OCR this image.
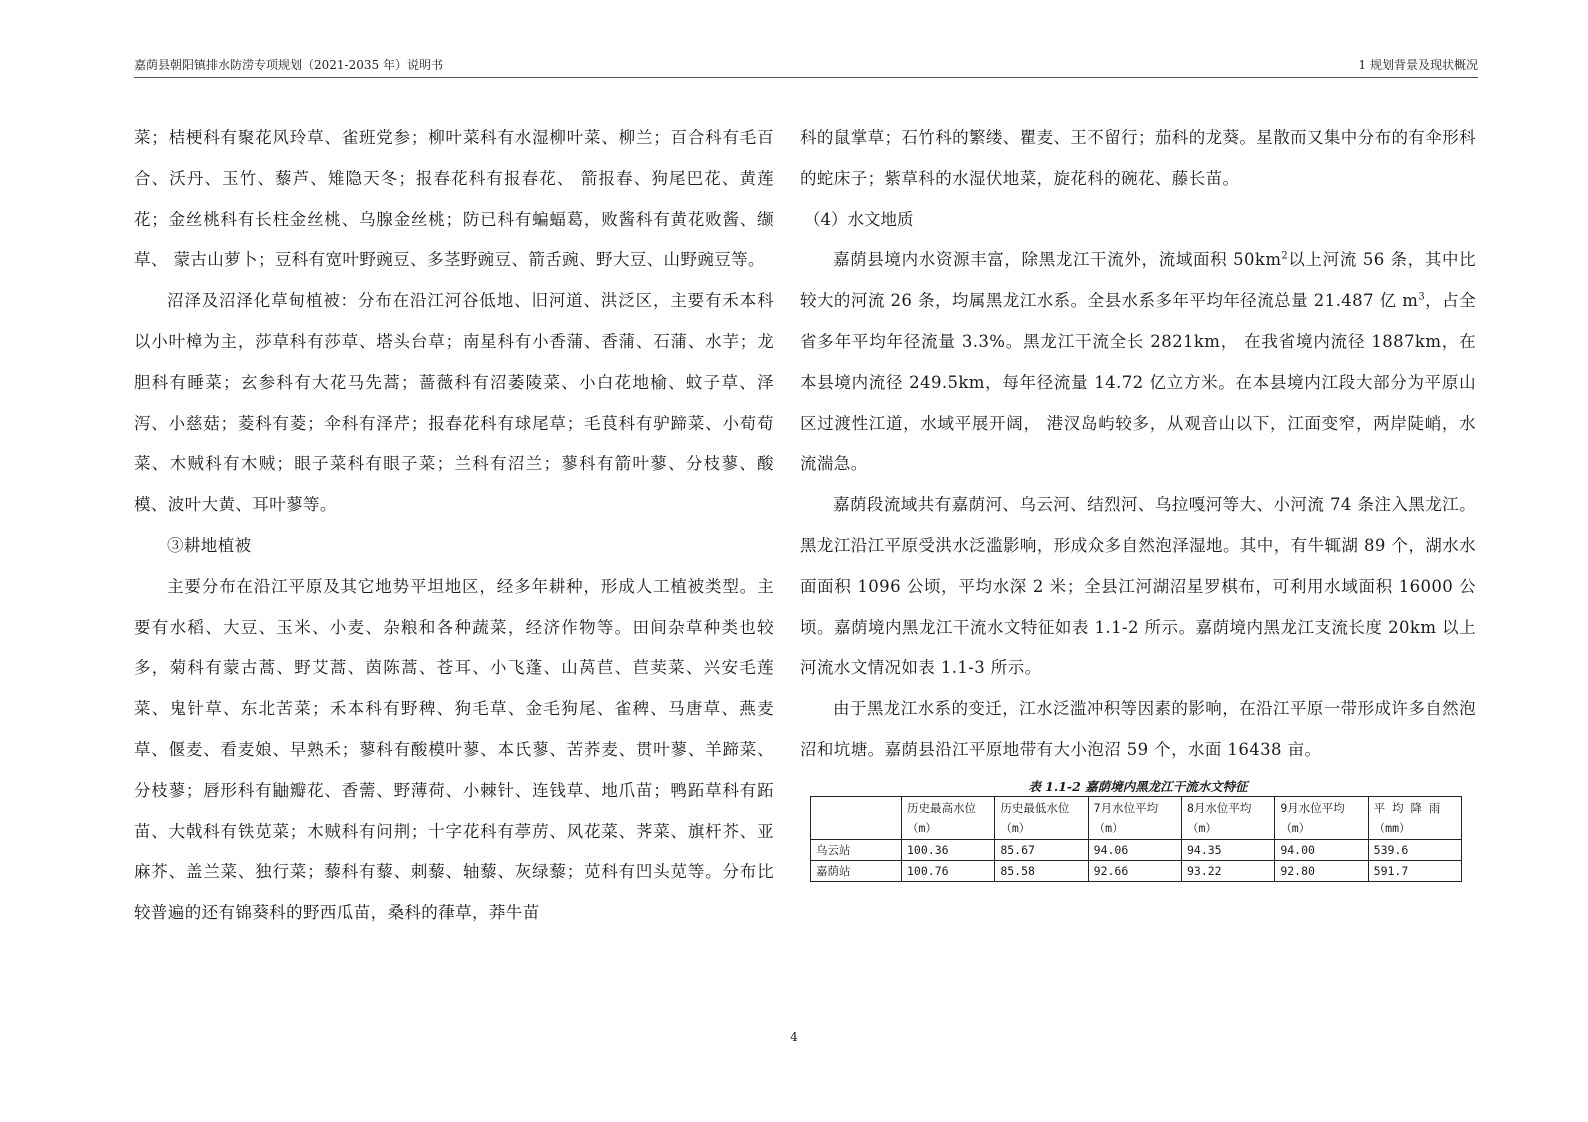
嘉荫县朝阳镇排水防涝专项规划（2021-2035 年）说明书	1 规划背景及现状概况

菜；桔梗科有聚花风玲草、雀班党参；柳叶菜科有水湿柳叶菜、柳兰；百合科有毛百合、沃丹、玉竹、藜芦、雉隐天冬；报春花科有报春花、 箭报春、狗尾巴花、黄莲花；金丝桃科有长柱金丝桃、乌腺金丝桃；防已科有蝙蝠葛，败酱科有黄花败酱、缬草、 蒙古山萝卜；豆科有宽叶野豌豆、多茎野豌豆、箭舌豌、野大豆、山野豌豆等。

沼泽及沼泽化草甸植被：分布在沿江河谷低地、旧河道、洪泛区，主要有禾本科以小叶樟为主，莎草科有莎草、塔头台草；南星科有小香蒲、香蒲、石蒲、水芋；龙胆科有睡菜；玄参科有大花马先蒿；蔷薇科有沼萎陵菜、小白花地榆、蚊子草、泽泻、小慈菇；菱科有菱；伞科有泽芹；报春花科有球尾草；毛茛科有驴蹄菜、小荀荀菜、木贼科有木贼；眼子菜科有眼子菜；兰科有沼兰；蓼科有箭叶蓼、分枝蓼、酸模、波叶大黄、耳叶蓼等。

③耕地植被

主要分布在沿江平原及其它地势平坦地区，经多年耕种，形成人工植被类型。主要有水稻、大豆、玉米、小麦、杂粮和各种蔬菜，经济作物等。田间杂草种类也较多，菊科有蒙古蒿、野艾蒿、茵陈蒿、苍耳、小飞蓬、山莴苣、苣荬菜、兴安毛莲菜、鬼针草、东北苦菜；禾本科有野稗、狗毛草、金毛狗尾、雀稗、马唐草、燕麦草、偃麦、看麦娘、早熟禾；蓼科有酸模叶蓼、本氏蓼、苦荞麦、贯叶蓼、羊蹄菜、分枝蓼；唇形科有鼬瓣花、香薷、野薄荷、小棘针、连钱草、地爪苗；鸭跖草科有跖苗、大戟科有铁苋菜；木贼科有问荆；十字花科有葶苈、风花菜、荠菜、旗杆芥、亚麻芥、盖兰菜、独行菜；藜科有藜、刺藜、轴藜、灰绿藜；苋科有凹头苋等。分布比较普遍的还有锦葵科的野西瓜苗，桑科的葎草，莽牛苗

科的鼠掌草；石竹科的繁缕、瞿麦、王不留行；茄科的龙葵。星散而又集中分布的有伞形科的蛇床子；紫草科的水湿伏地菜，旋花科的碗花、藤长苗。

（4）水文地质

嘉荫县境内水资源丰富，除黑龙江干流外，流域面积 $50km^2$以上河流 56 条，其中比较大的河流 26 条，均属黑龙江水系。全县水系多年平均年径流总量 21.487 亿 $m^3$，占全省多年平均年径流量 3.3%。黑龙江干流全长 2821km， 在我省境内流径 1887km，在本县境内流径 249.5km，每年径流量 14.72 亿立方米。在本县境内江段大部分为平原山区过渡性江道，水域平展开阔， 港汊岛屿较多，从观音山以下，江面变窄，两岸陡峭，水流湍急。

嘉荫段流域共有嘉荫河、乌云河、结烈河、乌拉嘎河等大、小河流 74 条注入黑龙江。黑龙江沿江平原受洪水泛滥影响，形成众多自然泡泽湿地。其中，有牛辄湖 89 个，湖水水面面积 1096 公顷，平均水深 2 米；全县江河湖沼星罗棋布，可利用水域面积 16000 公顷。嘉荫境内黑龙江干流水文特征如表 1.1-2 所示。嘉荫境内黑龙江支流长度 20km 以上河流水文情况如表 1.1-3 所示。

由于黑龙江水系的变迁，江水泛滥冲积等因素的影响，在沿江平原一带形成许多自然泡沼和坑塘。嘉荫县沿江平原地带有大小泡沼 59 个，水面 16438 亩。

表 1.1-2 嘉荫境内黑龙江干流水文特征
	历史最高水位（m）	历史最低水位（m）	7月水位平均（m）	8月水位平均（m）	9月水位平均（m）	平 均 降 雨（mm）
乌云站	100.36	85.67	94.06	94.35	94.00	539.6
嘉荫站	100.76	85.58	92.66	93.22	92.80	591.7
4
